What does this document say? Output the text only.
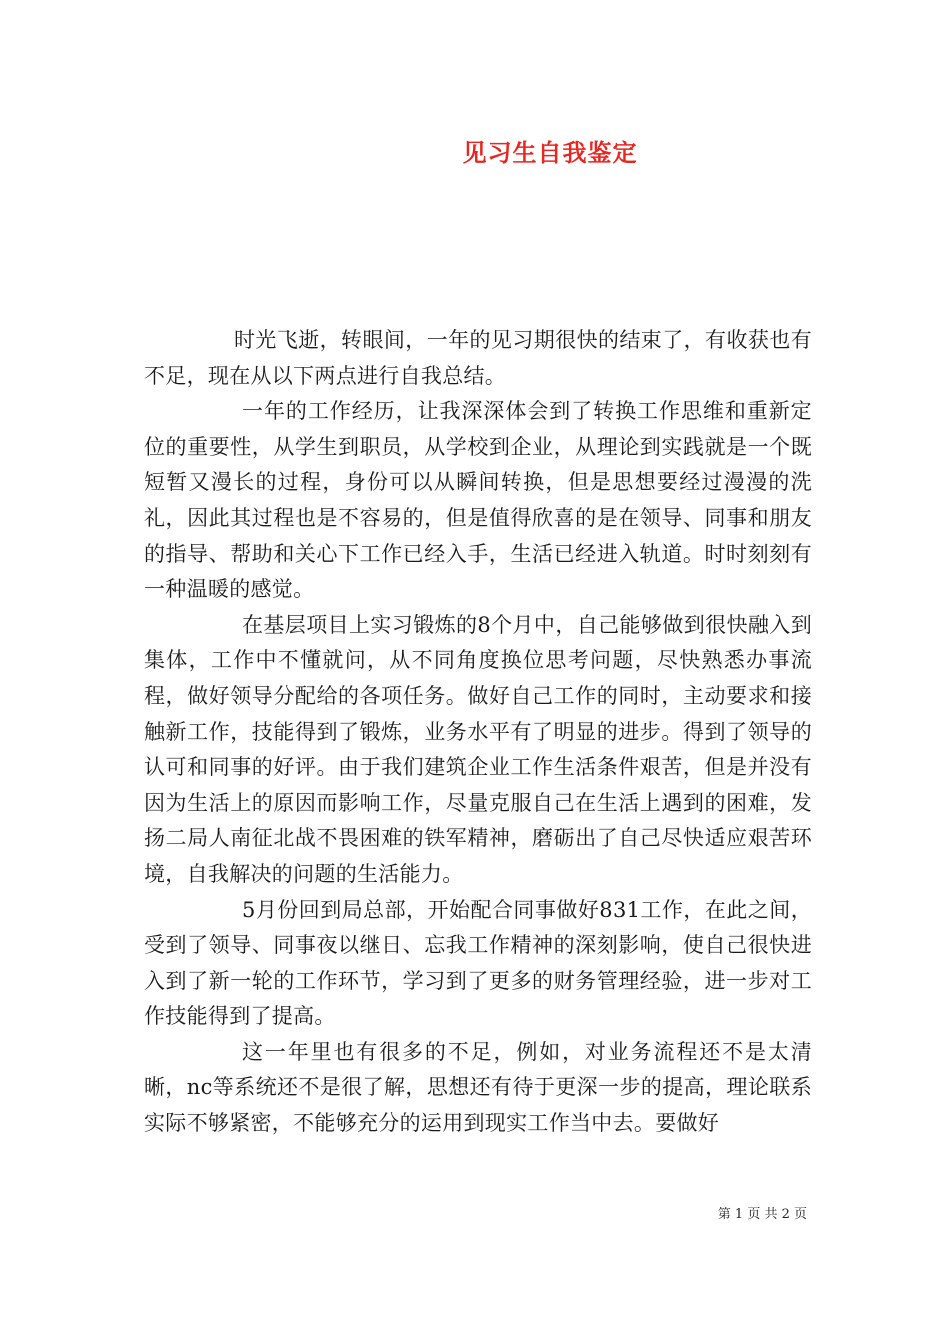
见习生自我鉴定

时光飞逝，转眼间，一年的见习期很快的结束了，有收获也有不足，现在从以下两点进行自我总结。

一年的工作经历，让我深深体会到了转换工作思维和重新定位的重要性，从学生到职员，从学校到企业，从理论到实践就是一个既短暂又漫长的过程，身份可以从瞬间转换，但是思想要经过漫漫的洗礼，因此其过程也是不容易的，但是值得欣喜的是在领导、同事和朋友的指导、帮助和关心下工作已经入手，生活已经进入轨道。时时刻刻有一种温暖的感觉。

在基层项目上实习锻炼的8个月中，自己能够做到很快融入到集体，工作中不懂就问，从不同角度换位思考问题，尽快熟悉办事流程，做好领导分配给的各项任务。做好自己工作的同时，主动要求和接触新工作，技能得到了锻炼，业务水平有了明显的进步。得到了领导的认可和同事的好评。由于我们建筑企业工作生活条件艰苦，但是并没有因为生活上的原因而影响工作，尽量克服自己在生活上遇到的困难，发扬二局人南征北战不畏困难的铁军精神，磨砺出了自己尽快适应艰苦环境，自我解决的问题的生活能力。

5月份回到局总部，开始配合同事做好831工作，在此之间，受到了领导、同事夜以继日、忘我工作精神的深刻影响，使自己很快进入到了新一轮的工作环节，学习到了更多的财务管理经验，进一步对工作技能得到了提高。

这一年里也有很多的不足，例如，对业务流程还不是太清晰，nc等系统还不是很了解，思想还有待于更深一步的提高，理论联系实际不够紧密，不能够充分的运用到现实工作当中去。要做好

第 1 页 共 2 页
